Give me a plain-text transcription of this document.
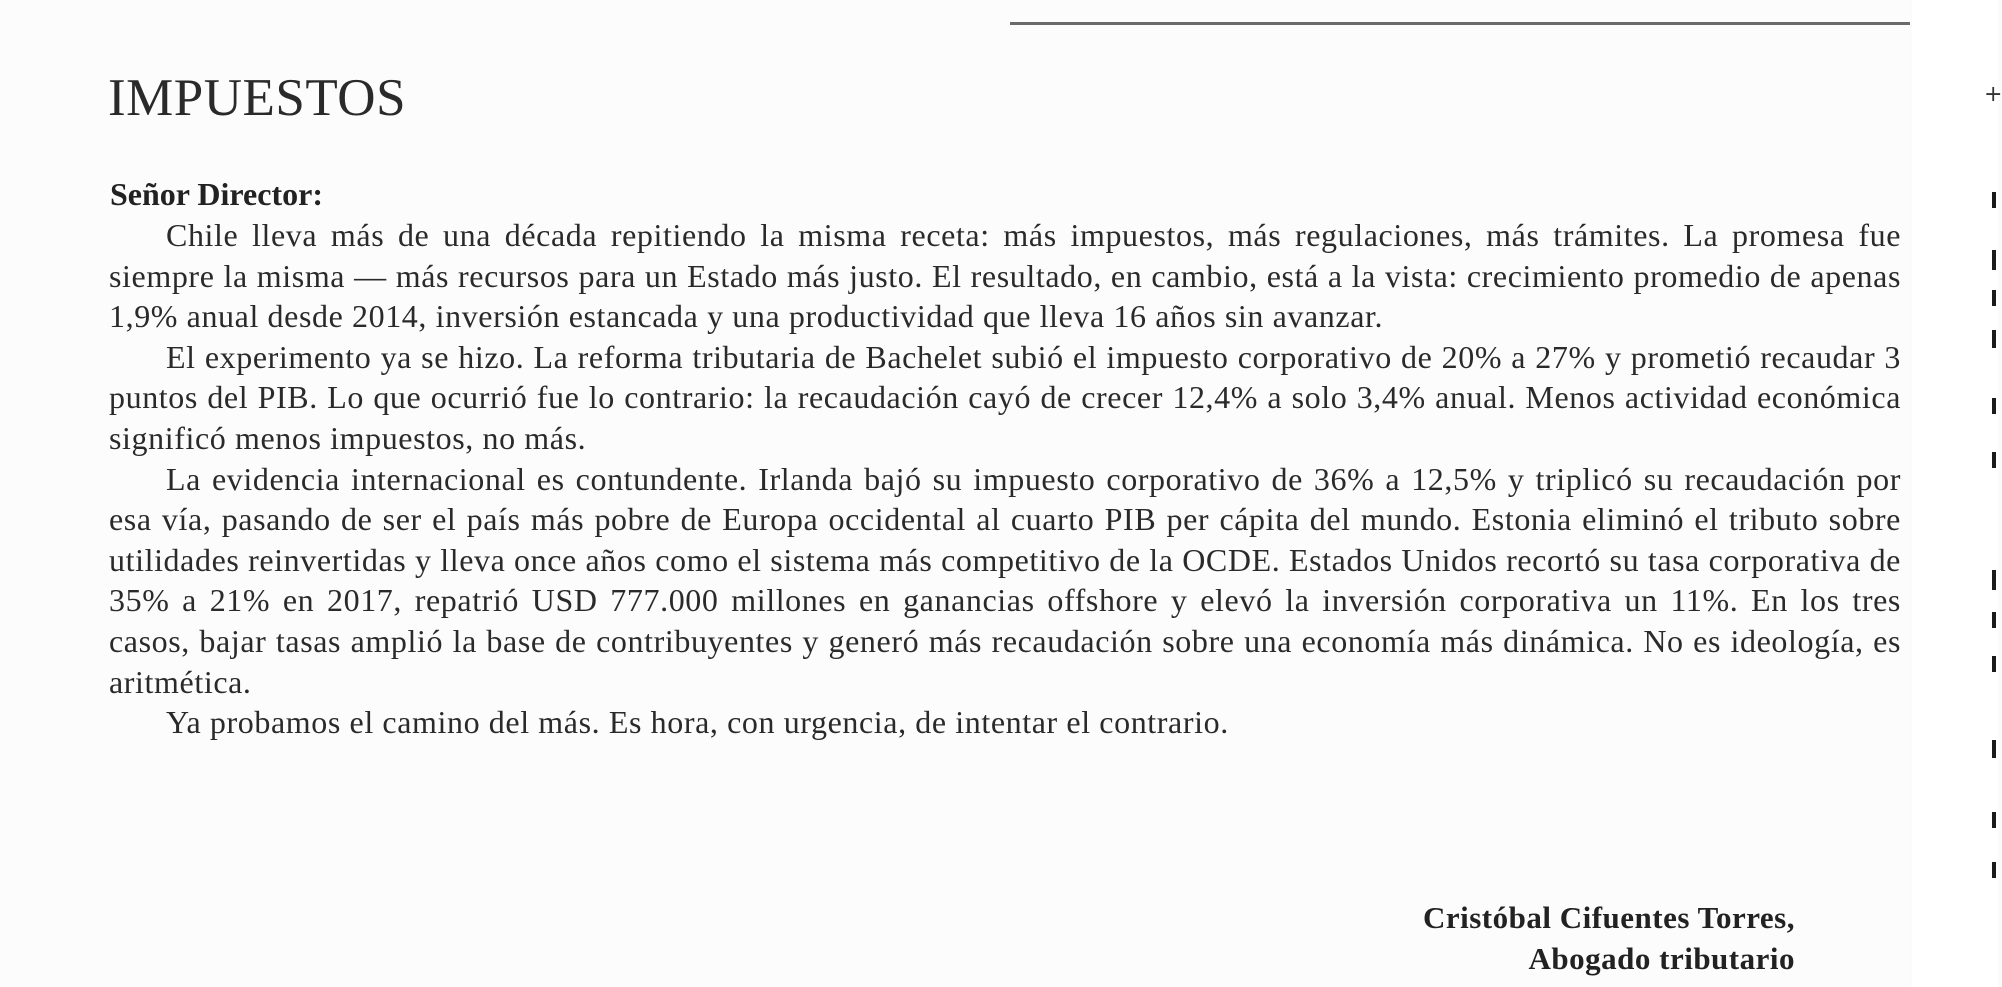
IMPUESTOS
Señor Director:

Chile lleva más de una década repitiendo la misma receta: más impuestos, más regulaciones, más trámites. La promesa fue siempre la misma — más recursos para un Estado más justo. El resultado, en cambio, está a la vista: crecimiento promedio de apenas 1,9% anual desde 2014, inversión estancada y una productividad que lleva 16 años sin avanzar.

El experimento ya se hizo. La reforma tributaria de Bachelet subió el impuesto corporativo de 20% a 27% y prometió recaudar 3 puntos del PIB. Lo que ocurrió fue lo contrario: la recaudación cayó de crecer 12,4% a solo 3,4% anual. Menos actividad económica significó menos impuestos, no más.

La evidencia internacional es contundente. Irlanda bajó su impuesto corporativo de 36% a 12,5% y triplicó su recaudación por esa vía, pasando de ser el país más pobre de Europa occidental al cuarto PIB per cápita del mundo. Estonia eliminó el tributo sobre utilidades reinvertidas y lleva once años como el sistema más competitivo de la OCDE. Estados Unidos recortó su tasa corporativa de 35% a 21% en 2017, repatrió USD 777.000 millones en ganancias offshore y elevó la inversión corporativa un 11%. En los tres casos, bajar tasas amplió la base de contribuyentes y generó más recaudación sobre una economía más dinámica. No es ideología, es aritmética.

Ya probamos el camino del más. Es hora, con urgencia, de intentar el contrario.

Cristóbal Cifuentes Torres,
Abogado tributario
+
